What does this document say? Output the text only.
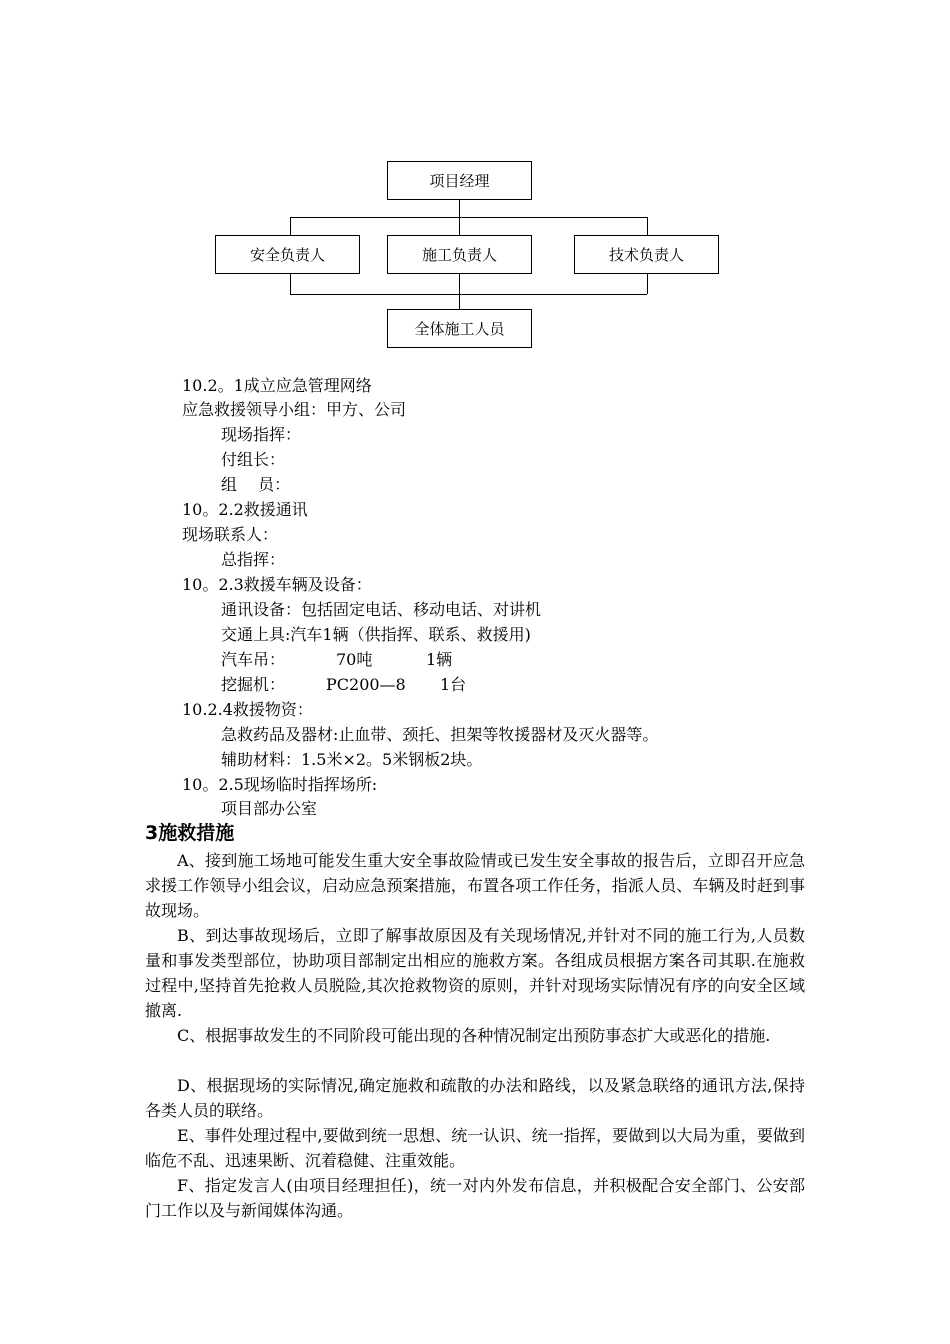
项目经理
安全负责人	施工负责人	技术负责人
全体施工人员
10.2。1成立应急管理网络
应急救援领导小组：甲方、公司
现场指挥：
付组长：
组　 员：
10。2.2救援通讯
现场联系人：
总指挥：
10。2.3救援车辆及设备：
通讯设备：包括固定电话、移动电话、对讲机
交通上具:汽车1辆（供指挥、联系、救援用)
汽车吊：	70吨	1辆
挖掘机：	PC200—8 1台
10.2.4救援物资：
急救药品及器材:止血带、颈托、担架等牧援器材及灭火器等。
辅助材料：1.5米×2。5米钢板2块。
10。2.5现场临时指挥场所:
项目部办公室
3施救措施
A、接到施工场地可能发生重大安全事故险情或已发生安全事故的报告后，立即召开应急求援工作领导小组会议，启动应急预案措施，布置各项工作任务，指派人员、车辆及时赶到事故现场。
B、到达事故现场后，立即了解事故原因及有关现场情况,并针对不同的施工行为,人员数量和事发类型部位，协助项目部制定出相应的施救方案。各组成员根据方案各司其职.在施救过程中,坚持首先抢救人员脱险,其次抢救物资的原则，并针对现场实际情况有序的向安全区域撤离.
C、根据事故发生的不同阶段可能出现的各种情况制定出预防事态扩大或恶化的措施.
D、根据现场的实际情况,确定施救和疏散的办法和路线，以及紧急联络的通讯方法,保持各类人员的联络。
E、事件处理过程中,要做到统一思想、统一认识、统一指挥，要做到以大局为重，要做到临危不乱、迅速果断、沉着稳健、注重效能。
F、指定发言人(由项目经理担任)，统一对内外发布信息，并积极配合安全部门、公安部门工作以及与新闻媒体沟通。
